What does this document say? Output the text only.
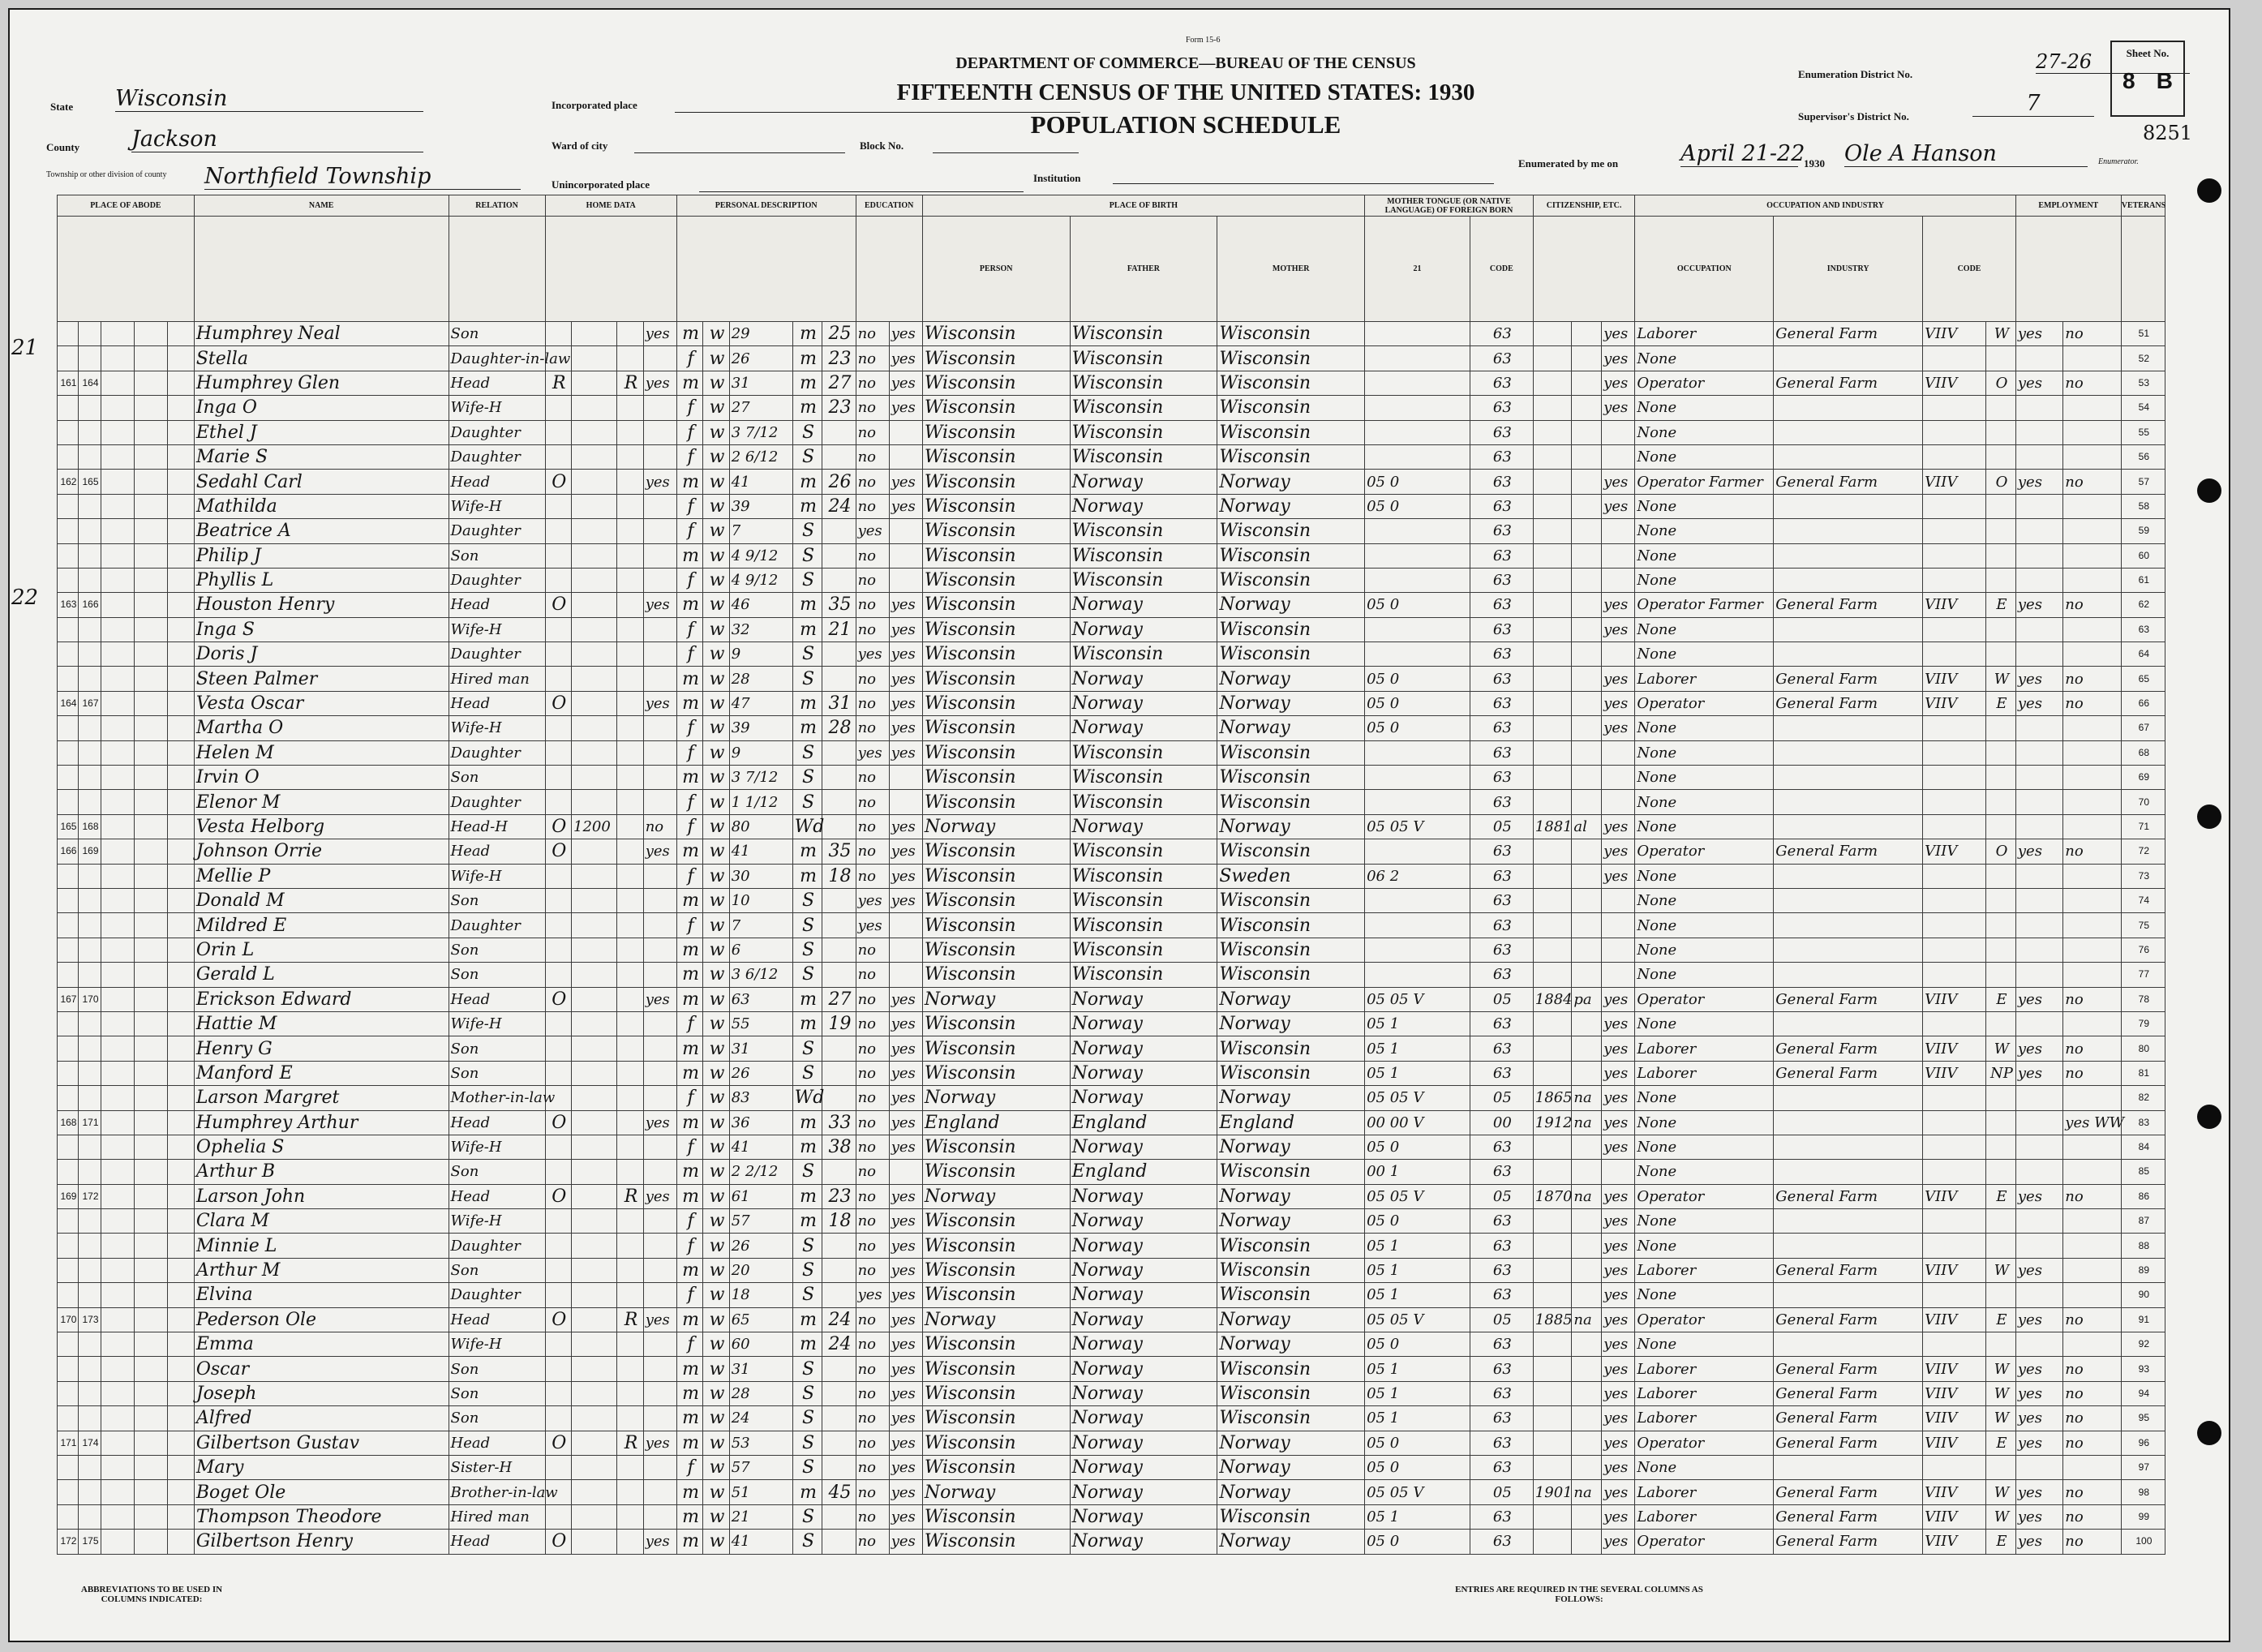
Form 15-6
DEPARTMENT OF COMMERCE—BUREAU OF THE CENSUS
FIFTEENTH CENSUS OF THE UNITED STATES: 1930
POPULATION SCHEDULE
State Wisconsin
County Jackson
Township or other division of county	Northfield Township
Incorporated place
Ward of city	Block No.
Unincorporated place
Institution
Enumeration District No.
27-26
Supervisor's District No.
7
Sheet No.
8 B
8251
Enumerated by me on	April 21-22
1930 Ole A Hanson	Enumerator.
21
22
PLACE OF ABODE					NAME	RELATION	HOME DATA				PERSONAL DESCRIPTION					EDUCATION		PLACE OF BIRTH			MOTHER TONGUE (OR NATIVE LANGUAGE) OF FOREIGN BORN		CITIZENSHIP, ETC.			OCCUPATION AND INDUSTRY				EMPLOYMENT		VETERANS
																		PERSON	FATHER	MOTHER	21	CODE				OCCUPATION	INDUSTRY	CODE				
					Humphrey Neal	Son				yes	m	w	29	m	25	no	yes	Wisconsin	Wisconsin	Wisconsin		63			yes	Laborer	General Farm	VIIV	W	yes	no	51
					Stella	Daughter-in-law					f	w	26	m	23	no	yes	Wisconsin	Wisconsin	Wisconsin		63			yes	None						52
161	164				Humphrey Glen	Head	R		R	yes	m	w	31	m	27	no	yes	Wisconsin	Wisconsin	Wisconsin		63			yes	Operator	General Farm	VIIV	O	yes	no	53
					Inga O	Wife-H					f	w	27	m	23	no	yes	Wisconsin	Wisconsin	Wisconsin		63			yes	None						54
					Ethel J	Daughter					f	w	3 7/12	S		no		Wisconsin	Wisconsin	Wisconsin		63				None						55
					Marie S	Daughter					f	w	2 6/12	S		no		Wisconsin	Wisconsin	Wisconsin		63				None						56
162	165				Sedahl Carl	Head	O			yes	m	w	41	m	26	no	yes	Wisconsin	Norway	Norway	05 0	63			yes	Operator Farmer	General Farm	VIIV	O	yes	no	57
					Mathilda	Wife-H					f	w	39	m	24	no	yes	Wisconsin	Norway	Norway	05 0	63			yes	None						58
					Beatrice A	Daughter					f	w	7	S		yes		Wisconsin	Wisconsin	Wisconsin		63				None						59
					Philip J	Son					m	w	4 9/12	S		no		Wisconsin	Wisconsin	Wisconsin		63				None						60
					Phyllis L	Daughter					f	w	4 9/12	S		no		Wisconsin	Wisconsin	Wisconsin		63				None						61
163	166				Houston Henry	Head	O			yes	m	w	46	m	35	no	yes	Wisconsin	Norway	Norway	05 0	63			yes	Operator Farmer	General Farm	VIIV	E	yes	no	62
					Inga S	Wife-H					f	w	32	m	21	no	yes	Wisconsin	Norway	Wisconsin		63			yes	None						63
					Doris J	Daughter					f	w	9	S		yes	yes	Wisconsin	Wisconsin	Wisconsin		63				None						64
					Steen Palmer	Hired man					m	w	28	S		no	yes	Wisconsin	Norway	Norway	05 0	63			yes	Laborer	General Farm	VIIV	W	yes	no	65
164	167				Vesta Oscar	Head	O			yes	m	w	47	m	31	no	yes	Wisconsin	Norway	Norway	05 0	63			yes	Operator	General Farm	VIIV	E	yes	no	66
					Martha O	Wife-H					f	w	39	m	28	no	yes	Wisconsin	Norway	Norway	05 0	63			yes	None						67
					Helen M	Daughter					f	w	9	S		yes	yes	Wisconsin	Wisconsin	Wisconsin		63				None						68
					Irvin O	Son					m	w	3 7/12	S		no		Wisconsin	Wisconsin	Wisconsin		63				None						69
					Elenor M	Daughter					f	w	1 1/12	S		no		Wisconsin	Wisconsin	Wisconsin		63				None						70
165	168				Vesta Helborg	Head-H	O	1200		no	f	w	80	Wd		no	yes	Norway	Norway	Norway	05 05 V	05	1881	al	yes	None						71
166	169				Johnson Orrie	Head	O			yes	m	w	41	m	35	no	yes	Wisconsin	Wisconsin	Wisconsin		63			yes	Operator	General Farm	VIIV	O	yes	no	72
					Mellie P	Wife-H					f	w	30	m	18	no	yes	Wisconsin	Wisconsin	Sweden	06 2	63			yes	None						73
					Donald M	Son					m	w	10	S		yes	yes	Wisconsin	Wisconsin	Wisconsin		63				None						74
					Mildred E	Daughter					f	w	7	S		yes		Wisconsin	Wisconsin	Wisconsin		63				None						75
					Orin L	Son					m	w	6	S		no		Wisconsin	Wisconsin	Wisconsin		63				None						76
					Gerald L	Son					m	w	3 6/12	S		no		Wisconsin	Wisconsin	Wisconsin		63				None						77
167	170				Erickson Edward	Head	O			yes	m	w	63	m	27	no	yes	Norway	Norway	Norway	05 05 V	05	1884	pa	yes	Operator	General Farm	VIIV	E	yes	no	78
					Hattie M	Wife-H					f	w	55	m	19	no	yes	Wisconsin	Norway	Norway	05 1	63			yes	None						79
					Henry G	Son					m	w	31	S		no	yes	Wisconsin	Norway	Wisconsin	05 1	63			yes	Laborer	General Farm	VIIV	W	yes	no	80
					Manford E	Son					m	w	26	S		no	yes	Wisconsin	Norway	Wisconsin	05 1	63			yes	Laborer	General Farm	VIIV	NP	yes	no	81
					Larson Margret	Mother-in-law					f	w	83	Wd		no	yes	Norway	Norway	Norway	05 05 V	05	1865	na	yes	None						82
168	171				Humphrey Arthur	Head	O			yes	m	w	36	m	33	no	yes	England	England	England	00 00 V	00	1912	na	yes	None					yes WW	83
					Ophelia S	Wife-H					f	w	41	m	38	no	yes	Wisconsin	Norway	Norway	05 0	63			yes	None						84
					Arthur B	Son					m	w	2 2/12	S		no		Wisconsin	England	Wisconsin	00 1	63				None						85
169	172				Larson John	Head	O		R	yes	m	w	61	m	23	no	yes	Norway	Norway	Norway	05 05 V	05	1870	na	yes	Operator	General Farm	VIIV	E	yes	no	86
					Clara M	Wife-H					f	w	57	m	18	no	yes	Wisconsin	Norway	Norway	05 0	63			yes	None						87
					Minnie L	Daughter					f	w	26	S		no	yes	Wisconsin	Norway	Wisconsin	05 1	63			yes	None						88
					Arthur M	Son					m	w	20	S		no	yes	Wisconsin	Norway	Wisconsin	05 1	63			yes	Laborer	General Farm	VIIV	W	yes		89
					Elvina	Daughter					f	w	18	S		yes	yes	Wisconsin	Norway	Wisconsin	05 1	63			yes	None						90
170	173				Pederson Ole	Head	O		R	yes	m	w	65	m	24	no	yes	Norway	Norway	Norway	05 05 V	05	1885	na	yes	Operator	General Farm	VIIV	E	yes	no	91
					Emma	Wife-H					f	w	60	m	24	no	yes	Wisconsin	Norway	Norway	05 0	63			yes	None						92
					Oscar	Son					m	w	31	S		no	yes	Wisconsin	Norway	Wisconsin	05 1	63			yes	Laborer	General Farm	VIIV	W	yes	no	93
					Joseph	Son					m	w	28	S		no	yes	Wisconsin	Norway	Wisconsin	05 1	63			yes	Laborer	General Farm	VIIV	W	yes	no	94
					Alfred	Son					m	w	24	S		no	yes	Wisconsin	Norway	Wisconsin	05 1	63			yes	Laborer	General Farm	VIIV	W	yes	no	95
171	174				Gilbertson Gustav	Head	O		R	yes	m	w	53	S		no	yes	Wisconsin	Norway	Norway	05 0	63			yes	Operator	General Farm	VIIV	E	yes	no	96
					Mary	Sister-H					f	w	57	S		no	yes	Wisconsin	Norway	Norway	05 0	63			yes	None						97
					Boget Ole	Brother-in-law					m	w	51	m	45	no	yes	Norway	Norway	Norway	05 05 V	05	1901	na	yes	Laborer	General Farm	VIIV	W	yes	no	98
					Thompson Theodore	Hired man					m	w	21	S		no	yes	Wisconsin	Norway	Wisconsin	05 1	63			yes	Laborer	General Farm	VIIV	W	yes	no	99
172	175				Gilbertson Henry	Head	O			yes	m	w	41	S		no	yes	Wisconsin	Norway	Norway	05 0	63			yes	Operator	General Farm	VIIV	E	yes	no	100
ABBREVIATIONS TO BE USED IN COLUMNS INDICATED:
ENTRIES ARE REQUIRED IN THE SEVERAL COLUMNS AS FOLLOWS:
